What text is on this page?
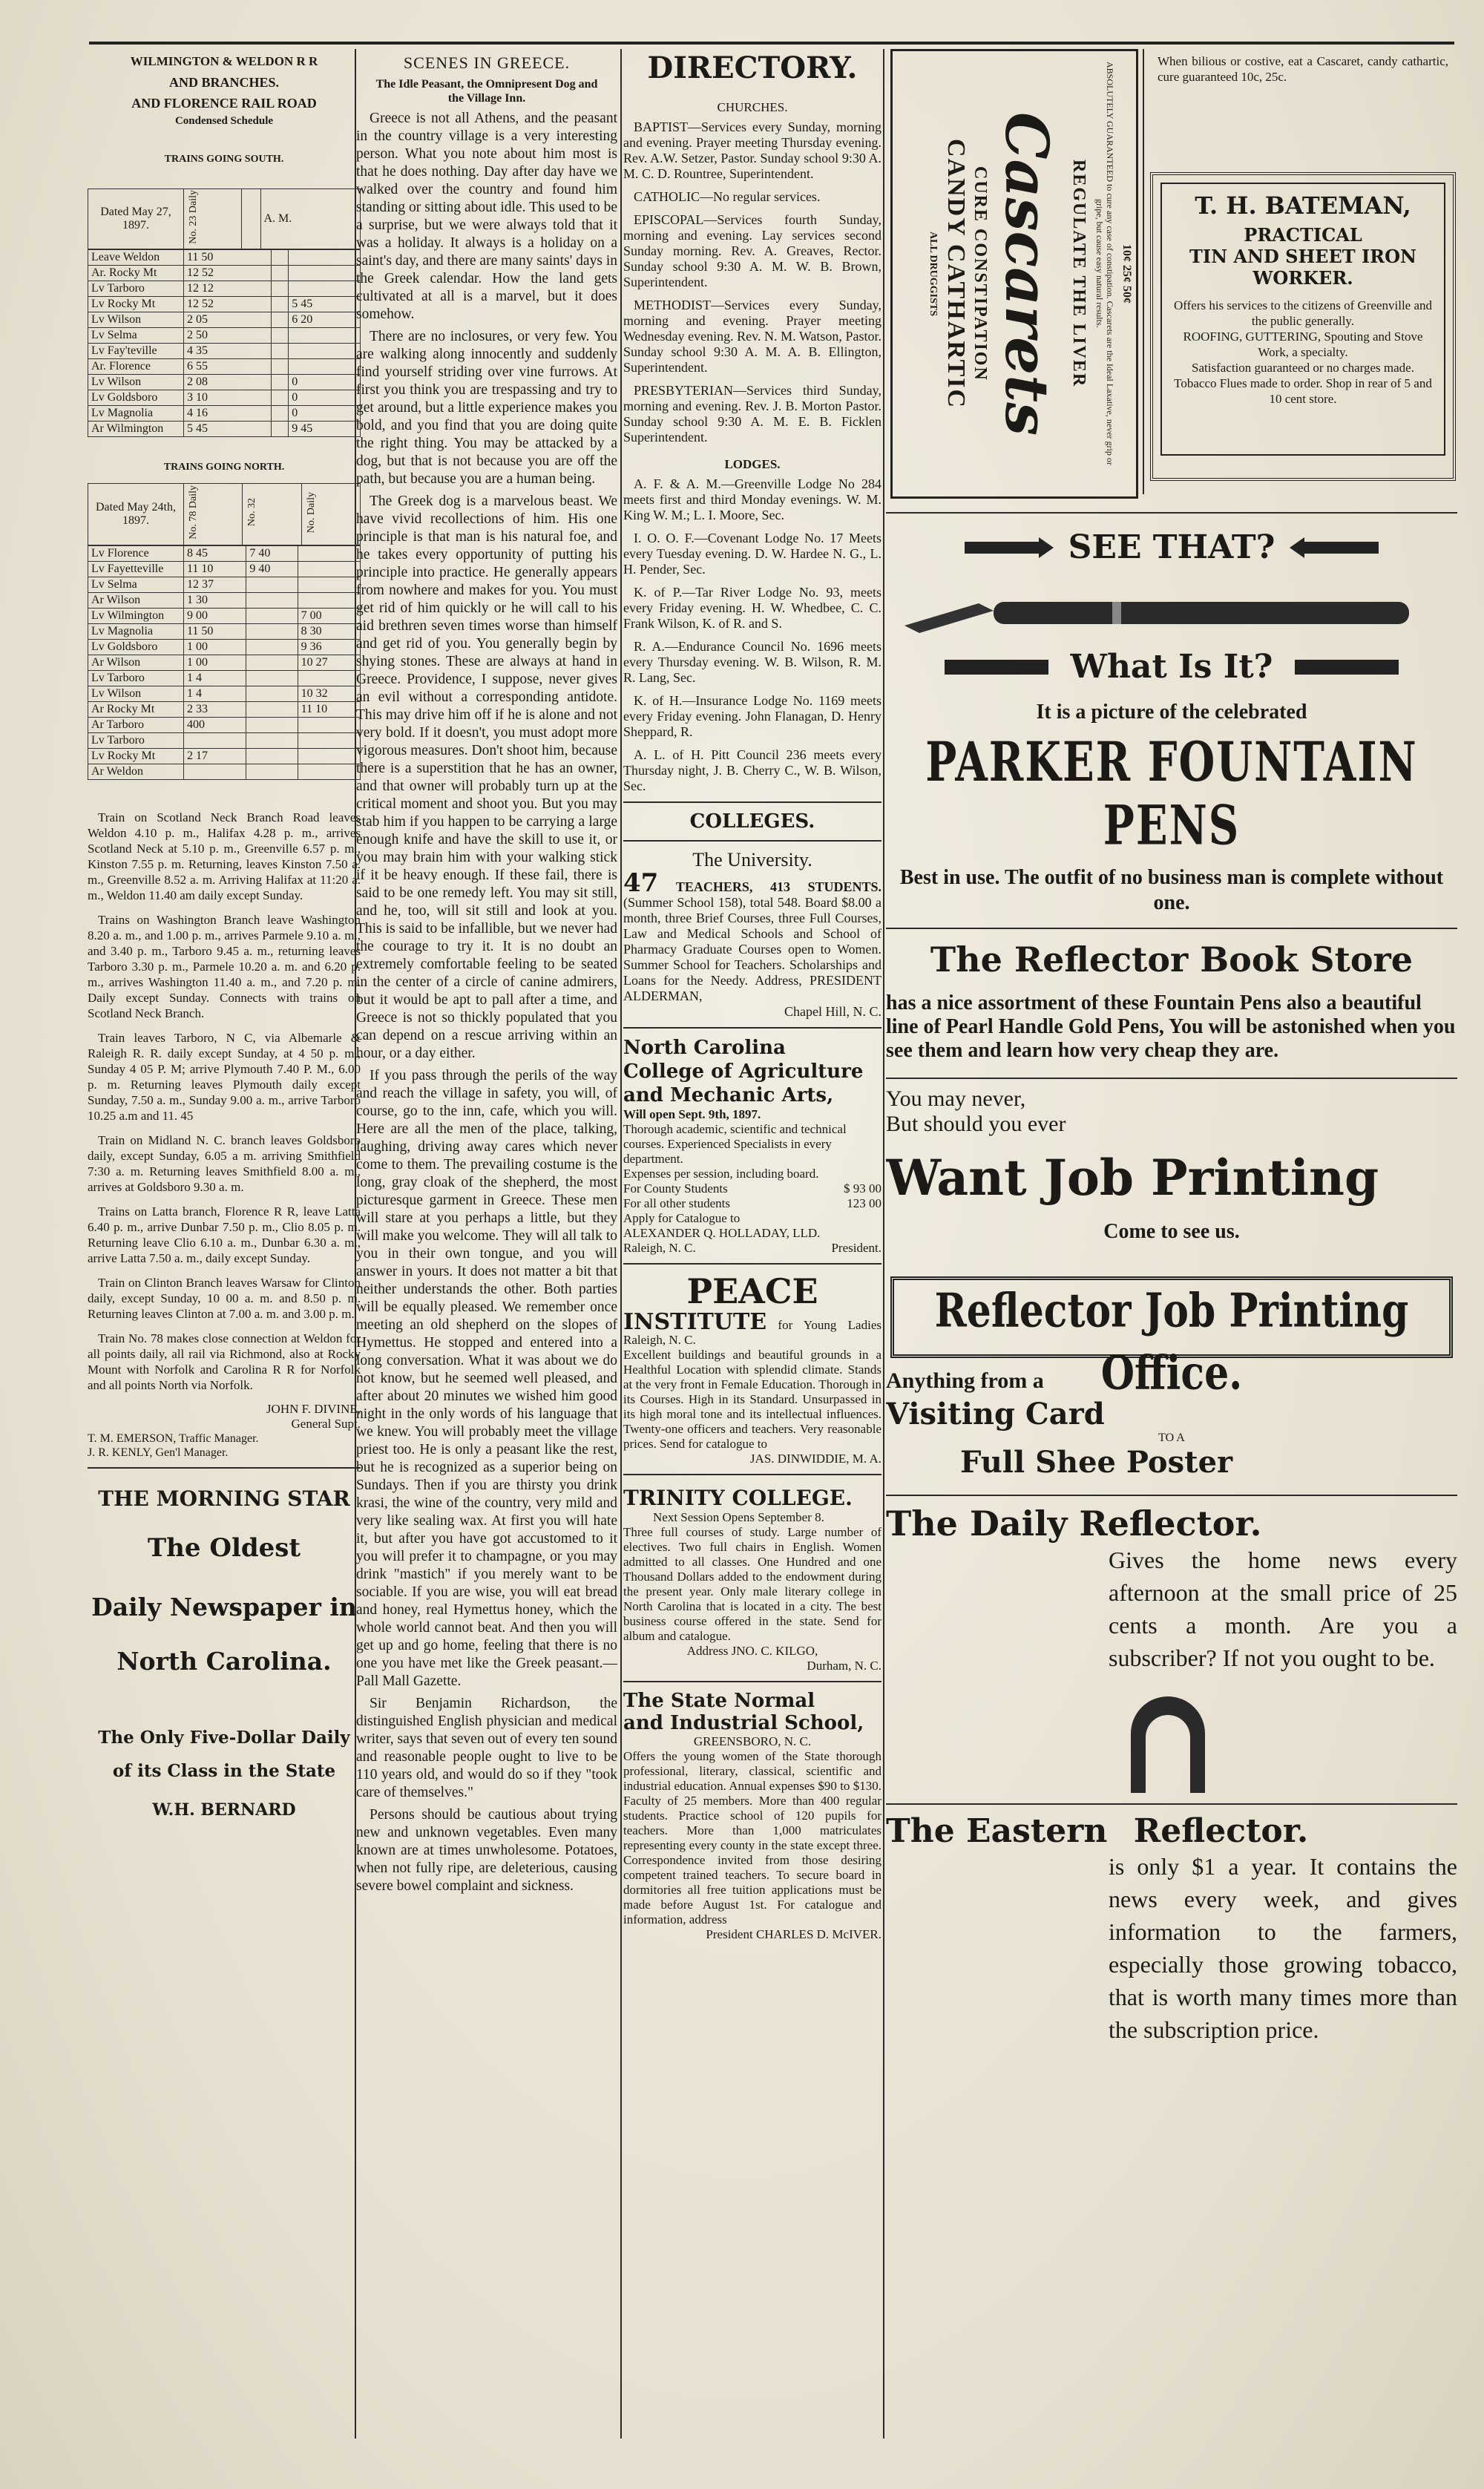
WILMINGTON & WELDON R R
AND BRANCHES.
AND FLORENCE RAIL ROAD
Condensed Schedule
TRAINS GOING SOUTH.
Dated May 27, 1897.	No. 23 Daily		A. M.
Leave Weldon	11 50		
Ar. Rocky Mt	12 52		
Lv Tarboro	12 12		
Lv Rocky Mt	12 52		5 45
Lv Wilson	2 05		6 20
Lv Selma	2 50		
Lv Fay'teville	4 35		
Ar. Florence	6 55		
Lv Wilson	2 08		0
Lv Goldsboro	3 10		0
Lv Magnolia	4 16		0
Ar Wilmington	5 45		9 45
TRAINS GOING NORTH.
Dated May 24th, 1897.	No. 78 Daily	No. 32	No. Daily
Lv Florence	8 45	7 40	
Lv Fayetteville	11 10	9 40	
Lv Selma	12 37		
Ar Wilson	1 30		
Lv Wilmington	9 00		7 00
Lv Magnolia	11 50		8 30
Lv Goldsboro	1 00		9 36
Ar Wilson	1 00		10 27
Lv Tarboro	1 4		
Lv Wilson	1 4		10 32
Ar Rocky Mt	2 33		11 10
Ar Tarboro	400		
Lv Tarboro			
Lv Rocky Mt	2 17		
Ar Weldon			

Train on Scotland Neck Branch Road leaves Weldon 4.10 p. m., Halifax 4.28 p. m., arrives Scotland Neck at 5.10 p. m., Greenville 6.57 p. m., Kinston 7.55 p. m. Returning, leaves Kinston 7.50 a. m., Greenville 8.52 a. m. Arriving Halifax at 11:20 a. m., Weldon 11.40 am daily except Sunday.

Trains on Washington Branch leave Washington 8.20 a. m., and 1.00 p. m., arrives Parmele 9.10 a. m., and 3.40 p. m., Tarboro 9.45 a. m., returning leaves Tarboro 3.30 p. m., Parmele 10.20 a. m. and 6.20 p. m., arrives Washington 11.40 a. m., and 7.20 p. m. Daily except Sunday. Connects with trains on Scotland Neck Branch.

Train leaves Tarboro, N C, via Albemarle & Raleigh R. R. daily except Sunday, at 4 50 p. m., Sunday 4 05 P. M; arrive Plymouth 7.40 P. M., 6.00 p. m. Returning leaves Plymouth daily except Sunday, 7.50 a. m., Sunday 9.00 a. m., arrive Tarboro 10.25 a.m and 11. 45

Train on Midland N. C. branch leaves Goldsboro daily, except Sunday, 6.05 a m. arriving Smithfield 7:30 a. m. Returning leaves Smithfield 8.00 a. m., arrives at Goldsboro 9.30 a. m.

Trains on Latta branch, Florence R R, leave Latta 6.40 p. m., arrive Dunbar 7.50 p. m., Clio 8.05 p. m. Returning leave Clio 6.10 a. m., Dunbar 6.30 a. m., arrive Latta 7.50 a. m., daily except Sunday.

Train on Clinton Branch leaves Warsaw for Clinton daily, except Sunday, 10 00 a. m. and 8.50 p. m. Returning leaves Clinton at 7.00 a. m. and 3.00 p. m.

Train No. 78 makes close connection at Weldon for all points daily, all rail via Richmond, also at Rocky Mount with Norfolk and Carolina R R for Norfolk and all points North via Norfolk.

JOHN F. DIVINE,
General Supt.
T. M. EMERSON, Traffic Manager.
J. R. KENLY, Gen'l Manager.
THE MORNING STAR
The Oldest
Daily Newspaper in
North Carolina.
The Only Five-Dollar Daily
of its Class in the State
W.H. BERNARD
SCENES IN GREECE.
The Idle Peasant, the Omnipresent Dog and the Village Inn.

Greece is not all Athens, and the peasant in the country village is a very interesting person. What you note about him most is that he does nothing. Day after day have we walked over the country and found him standing or sitting about idle. This used to be a surprise, but we were always told that it was a holiday. It always is a holiday on a saint's day, and there are many saints' days in the Greek calendar. How the land gets cultivated at all is a marvel, but it does somehow.

There are no inclosures, or very few. You are walking along innocently and suddenly find yourself striding over vine furrows. At first you think you are trespassing and try to get around, but a little experience makes you bold, and you find that you are doing quite the right thing. You may be attacked by a dog, but that is not because you are off the path, but because you are a human being.

The Greek dog is a marvelous beast. We have vivid recollections of him. His one principle is that man is his natural foe, and he takes every opportunity of putting his principle into practice. He generally appears from nowhere and makes for you. You must get rid of him quickly or he will call to his aid brethren seven times worse than himself and get rid of you. You generally begin by shying stones. These are always at hand in Greece. Providence, I suppose, never gives an evil without a corresponding antidote. This may drive him off if he is alone and not very bold. If it doesn't, you must adopt more vigorous measures. Don't shoot him, because there is a superstition that he has an owner, and that owner will probably turn up at the critical moment and shoot you. But you may stab him if you happen to be carrying a large enough knife and have the skill to use it, or you may brain him with your walking stick if it be heavy enough. If these fail, there is said to be one remedy left. You may sit still, and he, too, will sit still and look at you. This is said to be infallible, but we never had the courage to try it. It is no doubt an extremely comfortable feeling to be seated in the center of a circle of canine admirers, but it would be apt to pall after a time, and Greece is not so thickly populated that you can depend on a rescue arriving within an hour, or a day either.

If you pass through the perils of the way and reach the village in safety, you will, of course, go to the inn, cafe, which you will. Here are all the men of the place, talking, laughing, driving away cares which never come to them. The prevailing costume is the long, gray cloak of the shepherd, the most picturesque garment in Greece. These men will stare at you perhaps a little, but they will make you welcome. They will all talk to you in their own tongue, and you will answer in yours. It does not matter a bit that neither understands the other. Both parties will be equally pleased. We remember once meeting an old shepherd on the slopes of Hymettus. He stopped and entered into a long conversation. What it was about we do not know, but he seemed well pleased, and after about 20 minutes we wished him good night in the only words of his language that we knew. You will probably meet the village priest too. He is only a peasant like the rest, but he is recognized as a superior being on Sundays. Then if you are thirsty you drink krasi, the wine of the country, very mild and very like sealing wax. At first you will hate it, but after you have got accustomed to it you will prefer it to champagne, or you may drink "mastich" if you merely want to be sociable. If you are wise, you will eat bread and honey, real Hymettus honey, which the whole world cannot beat. And then you will get up and go home, feeling that there is no one you have met like the Greek peasant.—Pall Mall Gazette.

Sir Benjamin Richardson, the distinguished English physician and medical writer, says that seven out of every ten sound and reasonable people ought to live to be 110 years old, and would do so if they "took care of themselves."

Persons should be cautious about trying new and unknown vegetables. Even many known are at times unwholesome. Potatoes, when not fully ripe, are deleterious, causing severe bowel complaint and sickness.

DIRECTORY.
CHURCHES.

BAPTIST—Services every Sunday, morning and evening. Prayer meeting Thursday evening. Rev. A.W. Setzer, Pastor. Sunday school 9:30 A. M. C. D. Rountree, Superintendent.

CATHOLIC—No regular services.

EPISCOPAL—Services fourth Sunday, morning and evening. Lay services second Sunday morning. Rev. A. Greaves, Rector. Sunday school 9:30 A. M. W. B. Brown, Superintendent.

METHODIST—Services every Sunday, morning and evening. Prayer meeting Wednesday evening. Rev. N. M. Watson, Pastor. Sunday school 9:30 A. M. A. B. Ellington, Superintendent.

PRESBYTERIAN—Services third Sunday, morning and evening. Rev. J. B. Morton Pastor. Sunday school 9:30 A. M. E. B. Ficklen Superintendent.

LODGES.

A. F. & A. M.—Greenville Lodge No 284 meets first and third Monday evenings. W. M. King W. M.; L. I. Moore, Sec.

I. O. O. F.—Covenant Lodge No. 17 Meets every Tuesday evening. D. W. Hardee N. G., L. H. Pender, Sec.

K. of P.—Tar River Lodge No. 93, meets every Friday evening. H. W. Whedbee, C. C. Frank Wilson, K. of R. and S.

R. A.—Endurance Council No. 1696 meets every Thursday evening. W. B. Wilson, R. M. R. Lang, Sec.

K. of H.—Insurance Lodge No. 1169 meets every Friday evening. John Flanagan, D. Henry Sheppard, R.

A. L. of H. Pitt Council 236 meets every Thursday night, J. B. Cherry C., W. B. Wilson, Sec.

COLLEGES.
The University.
47 TEACHERS, 413 STUDENTS. (Summer School 158), total 548. Board $8.00 a month, three Brief Courses, three Full Courses, Law and Medical Schools and School of Pharmacy Graduate Courses open to Women. Summer School for Teachers. Scholarships and Loans for the Needy. Address, PRESIDENT ALDERMAN,
Chapel Hill, N. C.
North Carolina
College of Agriculture
and Mechanic Arts,
Will open Sept. 9th, 1897.
Thorough academic, scientific and technical courses. Experienced Specialists in every department.
Expenses per session, including board.
For County Students	$ 93 00
For all other students	123 00
Apply for Catalogue to
ALEXANDER Q. HOLLADAY, LLD.
Raleigh, N. C.	President.
PEACE
INSTITUTE for Young Ladies Raleigh, N. C.
Excellent buildings and beautiful grounds in a Healthful Location with splendid climate. Stands at the very front in Female Education. Thorough in its Courses. High in its Standard. Unsurpassed in its high moral tone and its intellectual influences. Twenty-one officers and teachers. Very reasonable prices. Send for catalogue to
JAS. DINWIDDIE, M. A.
TRINITY COLLEGE.
Next Session Opens September 8.
Three full courses of study. Large number of electives. Two full chairs in English. Women admitted to all classes. One Hundred and one Thousand Dollars added to the endowment during the present year. Only male literary college in North Carolina that is located in a city. The best business course offered in the state. Send for album and catalogue.
Address JNO. C. KILGO,
Durham, N. C.
The State Normal
and Industrial School,
GREENSBORO, N. C.
Offers the young women of the State thorough professional, literary, classical, scientific and industrial education. Annual expenses $90 to $130. Faculty of 25 members. More than 400 regular students. Practice school of 120 pupils for teachers. More than 1,000 matriculates representing every county in the state except three. Correspondence invited from those desiring competent trained teachers. To secure board in dormitories all free tuition applications must be made before August 1st. For catalogue and information, address
President CHARLES D. McIVER.
10¢ 25¢ 50¢
ABSOLUTELY GUARANTEED to cure any case of constipation. Cascarets are the Ideal Laxative, never grip or gripe, but cause easy natural results.
REGULATE THE LIVER
Cascarets
CURE CONSTIPATION
CANDY CATHARTIC
ALL DRUGGISTS
When bilious or costive, eat a Cascaret, candy cathartic, cure guaranteed 10c, 25c.
T. H. BATEMAN,
PRACTICAL
TIN AND SHEET IRON
WORKER.
Offers his services to the citizens of Greenville and the public generally.
ROOFING, GUTTERING, Spouting and Stove Work, a specialty.
Satisfaction guaranteed or no charges made. Tobacco Flues made to order. Shop in rear of 5 and 10 cent store.
SEE THAT?
What Is It?
It is a picture of the celebrated
PARKER FOUNTAIN PENS
Best in use. The outfit of no business man is complete without one.
The Reflector Book Store
has a nice assortment of these Fountain Pens also a beautiful line of Pearl Handle Gold Pens, You will be astonished when you see them and learn how very cheap they are.
You may never,
But should you ever
Want Job Printing
Come to see us.
Reflector Job Printing Office.
Anything from a
Visiting Card
TO A
Full Shee Poster
The Daily Reflector.
Gives the home news every afternoon at the small price of 25 cents a month. Are you a subscriber? If not you ought to be.
The Eastern Reflector.
is only $1 a year. It contains the news every week, and gives information to the farmers, especially those growing tobacco, that is worth many times more than the subscription price.
